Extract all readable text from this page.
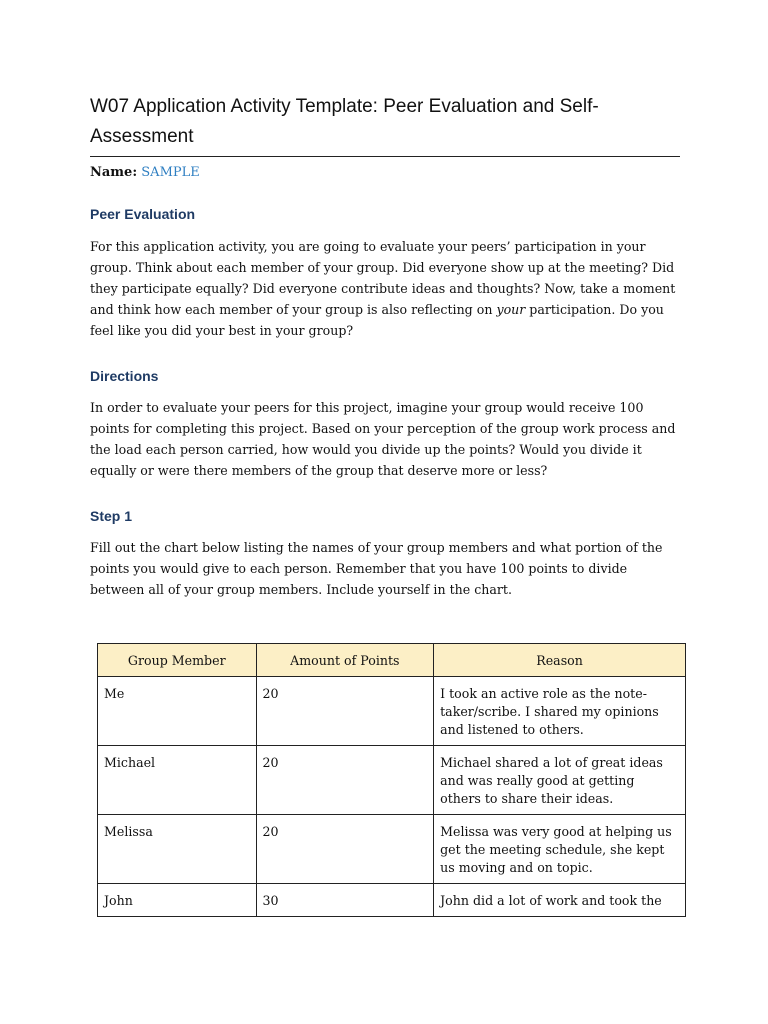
W07 Application Activity Template: Peer Evaluation and Self-Assessment
Name: SAMPLE
Peer Evaluation

For this application activity, you are going to evaluate your peers’ participation in your group. Think about each member of your group. Did everyone show up at the meeting? Did they participate equally? Did everyone contribute ideas and thoughts? Now, take a moment and think how each member of your group is also reflecting on your participation. Do you feel like you did your best in your group?

Directions

In order to evaluate your peers for this project, imagine your group would receive 100 points for completing this project. Based on your perception of the group work process and the load each person carried, how would you divide up the points? Would you divide it equally or were there members of the group that deserve more or less?

Step 1

Fill out the chart below listing the names of your group members and what portion of the points you would give to each person. Remember that you have 100 points to divide between all of your group members. Include yourself in the chart.

Group Member	Amount of Points	Reason
Me	20	I took an active role as the note-taker/scribe. I shared my opinions and listened to others.
Michael	20	Michael shared a lot of great ideas and was really good at getting others to share their ideas.
Melissa	20	Melissa was very good at helping us get the meeting schedule, she kept us moving and on topic.
John	30	John did a lot of work and took the
